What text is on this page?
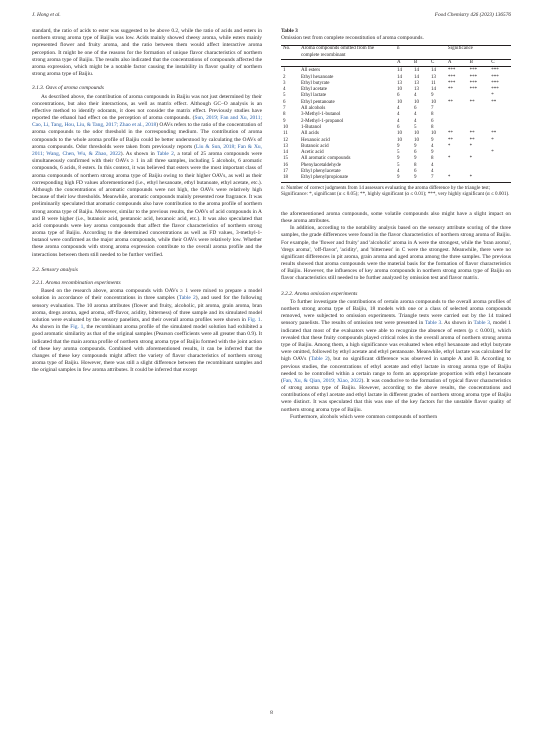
J. Hong et al.	Food Chemistry 426 (2023) 136576

standard, the ratio of acids to ester was suggested to be above 0.2, while the ratio of acids and esters in northern strong aroma type of Baijiu was low. Acids mainly showed cheesy aroma, while esters mainly represented flower and fruity aroma, and the ratio between them would affect interactive aroma perception. It might be one of the reasons for the formation of unique flavor characteristics of northern strong aroma type of Baijiu. The results also indicated that the concentrations of compounds affected the aroma expression, which might be a notable factor causing the instability in flavor quality of northern strong aroma type of Baijiu.

3.1.3. Oavs of aroma compounds

As described above, the contribution of aroma compounds in Baijiu was not just determined by their concentrations, but also their interactions, as well as matrix effect. Although GC–O analysis is an effective method to identify odorants, it does not consider the matrix effect. Previously studies have reported the ethanol had effect on the perception of aroma compounds. (Sun, 2019; Fan and Xu, 2011; Cao, Li, Tang, Hou, Liu, & Tang, 2017; Zhao et al., 2018) OAVs refers to the ratio of the concentration of aroma compounds to the odor threshold in the corresponding medium. The contribution of aroma compounds to the whole aroma profile of Baijiu could be better understood by calculating the OAVs of aroma compounds. Odor thresholds were taken from previously reports (Liu & Sun, 2018; Fan & Xu, 2011; Wang, Chen, Wu, & Zhao, 2022). As shown in Table 2, a total of 25 aroma compounds were simultaneously confirmed with their OAVs ≥ 1 in all three samples, including 5 alcohols, 6 aromatic compounds, 6 acids, 8 esters. In this context, it was believed that esters were the most important class of aroma compounds of northern strong aroma type of Baijiu owing to their higher OAVs, as well as their corresponding high FD values aforementioned (i.e., ethyl hexanoate, ethyl butanoate, ethyl acetate, etc.). Although the concentrations of aromatic compounds were not high, the OAVs were relatively high because of their low thresholds. Meanwhile, aromatic compounds mainly presented rose fragrance. It was preliminarily speculated that aromatic compounds also have contribution to the aroma profile of northern strong aroma type of Baijiu. Moreover, similar to the previous results, the OAVs of acid compounds in A and B were higher (i.e., butanoic acid, pentanoic acid, hexanoic acid, etc.). It was also speculated that acid compounds were key aroma compounds that affect the flavor characteristics of northern strong aroma type of Baijiu. According to the determined concentrations as well as FD values, 3-methyl-1-butanol were confirmed as the major aroma compounds, while their OAVs were relatively low. Whether these aroma compounds with strong aroma expression contribute to the overall aroma profile and the interactions between them still needed to be further verified.

3.2. Sensory analysis
3.2.1. Aroma recombination experiments

Based on the research above, aroma compounds with OAVs ≥ 1 were mixed to prepare a model solution in accordance of their concentrations in three samples (Table 2), and used for the following sensory evaluation. The 10 aroma attributes (flower and fruity, alcoholic, pit aroma, grain aroma, bran aroma, dregs aroma, aged aroma, off-flavor, acidity, bitterness) of three sample and its simulated model solution were evaluated by the sensory panelists, and their overall aroma profiles were shown in Fig. 1. As shown in the Fig. 1, the recombinant aroma profile of the simulated model solution had exhibited a good aromatic similarity as that of the original samples (Pearson coefficients were all greater than 0.9). It indicated that the main aroma profile of northern strong aroma type of Baijiu formed with the joint action of these key aroma compounds. Combined with aforementioned results, it can be inferred that the changes of these key compounds might affect the variety of flavor characteristics of northern strong aroma type of Baijiu. However, there was still a slight difference between the recombinant samples and the original samples in few aroma attributes. It could be inferred that except

Table 3
Omission test from complete reconstitution of aroma compounds.
No.	Aroma compounds omitted from the complete recombinant	n			Significance		

		A	B	C	A	B	C
1	All esters	14	14	14	***	***	***
2	Ethyl hexanoate	14	14	13	***	***	***
3	Ethyl butyrate	13	13	11	***	***	***
4	Ethyl acetate	10	13	14	**	***	***
5	Ethyl lactate	6	4	9			*
6	Ethyl pentanoate	10	10	10	**	**	**
7	All alcohols	4	6	7			
8	3-Methyl-1-butanol	4	4	8			
9	2-Methyl-1-propanol	4	4	6			
10	1-Butanol	6	5	8			
11	All acids	10	10	10	**	**	**
12	Hexanoic acid	10	10	9	**	**	*
13	Butanoic acid	9	9	4	*	*	
14	Acetic acid	5	6	9			*
15	All aromatic compounds	9	9	8	*	*	
16	Phenylacetaldehyde	5	8	4			
17	Ethyl phenylacetate	4	6	4			
18	Ethyl phenylpropionate	9	9	7	*	*	
n: Number of correct judgments from 14 assessors evaluating the aroma difference by the triangle test;
Significance: *, significant (α ≤ 0.05); **, highly significant (α ≤ 0.01); ***, very highly significant (α ≤ 0.001).

the aforementioned aroma compounds, some volatile compounds also might have a slight impact on these aroma attributes.

In addition, according to the notability analysis based on the sensory attribute scoring of the three samples, the grade differences were found in the flavor characteristics of northern strong aroma of Baijiu. For example, the 'flower and fruity' and 'alcoholic' aroma in A were the strongest, while the 'bran aroma', 'dregs aroma', 'off-flavor', 'acidity', and 'bitterness' in C were the strongest. Meanwhile, there were no significant differences in pit aroma, grain aroma and aged aroma among the three samples. The previous results showed that aroma compounds were the material basis for the formation of flavor characteristics of Baijiu. However, the influences of key aroma compounds in northern strong aroma type of Baijiu on flavor characteristics still needed to be further analyzed by omission test and flavor matrix.

3.2.2. Aroma omission experiments

To further investigate the contributions of certain aroma compounds to the overall aroma profiles of northern strong aroma type of Baijiu, 18 models with one or a class of selected aroma compounds removed, were subjected to omission experiments. Triangle tests were carried out by the 14 trained sensory panelists. The results of omission test were presented in Table 3. As shown in Table 3, model 1 indicated that most of the evaluators were able to recognize the absence of esters (p ≤ 0.001), which revealed that these fruity compounds played critical roles in the overall aroma of northern strong aroma type of Baijiu. Among them, a high significance was evaluated when ethyl hexanoate and ethyl butyrate were omitted, followed by ethyl acetate and ethyl pentanoate. Meanwhile, ethyl lactate was calculated for high OAVs (Table 2), but no significant difference was observed in sample A and B. According to previous studies, the concentrations of ethyl acetate and ethyl lactate in strong aroma type of Baijiu needed to be controlled within a certain range to form an appropriate proportion with ethyl hexanoate (Fan, Xu, & Qian, 2019; Xiao, 2022). It was conducive to the formation of typical flavor characteristics of strong aroma type of Baijiu. However, according to the above results, the concentrations and contributions of ethyl acetate and ethyl lactate in different grades of northern strong aroma type of Baijiu were distinct. It was speculated that this was one of the key factors for the unstable flavor quality of northern strong aroma type of Baijiu.

Furthermore, alcohols which were common compounds of northern

8
